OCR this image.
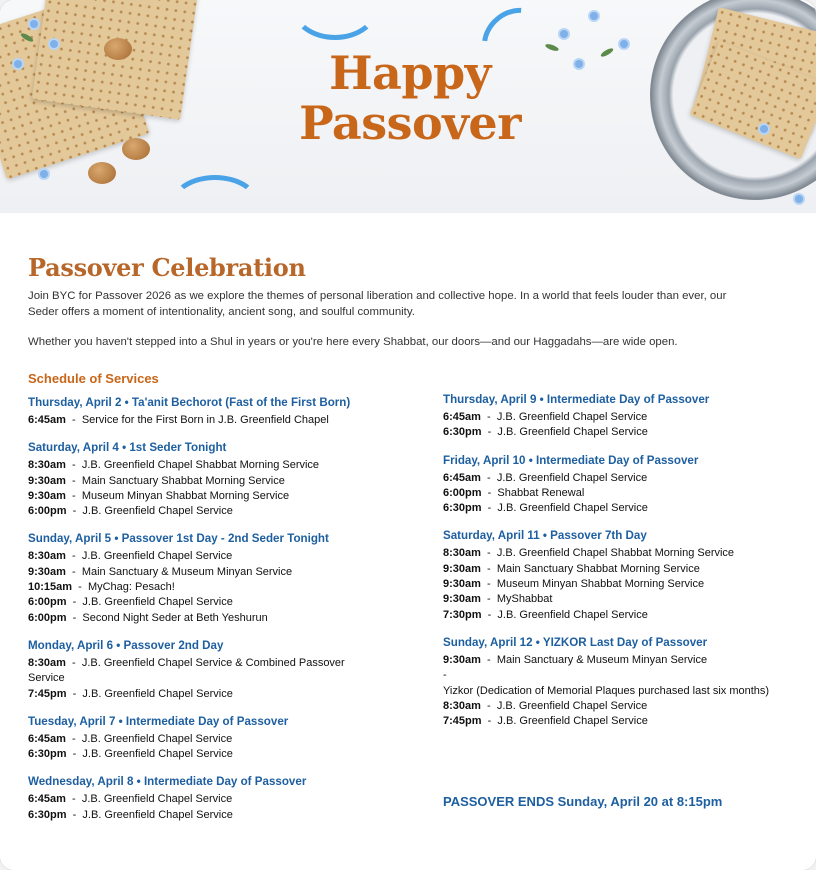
Happy
Passover
Passover Celebration

Join BYC for Passover 2026 as we explore the themes of personal liberation and collective hope. In a world that feels louder than ever, our Seder offers a moment of intentionality, ancient song, and soulful community.

Whether you haven't stepped into a Shul in years or you're here every Shabbat, our doors—and our Haggadahs—are wide open.

Schedule of Services
Thursday, April 2 • Ta'anit Bechorot (Fast of the First Born)
6:45am  -  Service for the First Born in J.B. Greenfield Chapel
Saturday, April 4 • 1st Seder Tonight
8:30am  -  J.B. Greenfield Chapel Shabbat Morning Service
9:30am  -  Main Sanctuary Shabbat Morning Service
9:30am  -  Museum Minyan Shabbat Morning Service
6:00pm  -  J.B. Greenfield Chapel Service
Sunday, April 5 • Passover 1st Day - 2nd Seder Tonight
8:30am  -  J.B. Greenfield Chapel Service
9:30am  -  Main Sanctuary & Museum Minyan Service
10:15am  -  MyChag: Pesach!
6:00pm  -  J.B. Greenfield Chapel Service
6:00pm  -  Second Night Seder at Beth Yeshurun
Monday, April 6 • Passover 2nd Day
8:30am  -  J.B. Greenfield Chapel Service & Combined Passover Service
7:45pm  -  J.B. Greenfield Chapel Service
Tuesday, April 7 • Intermediate Day of Passover
6:45am  -  J.B. Greenfield Chapel Service
6:30pm  -  J.B. Greenfield Chapel Service
Wednesday, April 8 • Intermediate Day of Passover
6:45am  -  J.B. Greenfield Chapel Service
6:30pm  -  J.B. Greenfield Chapel Service
Thursday, April 9 • Intermediate Day of Passover
6:45am  -  J.B. Greenfield Chapel Service
6:30pm  -  J.B. Greenfield Chapel Service
Friday, April 10 • Intermediate Day of Passover
6:45am  -  J.B. Greenfield Chapel Service
6:00pm  -  Shabbat Renewal
6:30pm  -  J.B. Greenfield Chapel Service
Saturday, April 11 • Passover 7th Day
8:30am  -  J.B. Greenfield Chapel Shabbat Morning Service
9:30am  -  Main Sanctuary Shabbat Morning Service
9:30am  -  Museum Minyan Shabbat Morning Service
9:30am  -  MyShabbat
7:30pm  -  J.B. Greenfield Chapel Service
Sunday, April 12 • YIZKOR Last Day of Passover
9:30am  -  Main Sanctuary & Museum Minyan Service
-
Yizkor (Dedication of Memorial Plaques purchased last six months)
8:30am  -  J.B. Greenfield Chapel Service
7:45pm  -  J.B. Greenfield Chapel Service
PASSOVER ENDS Sunday, April 20 at 8:15pm
